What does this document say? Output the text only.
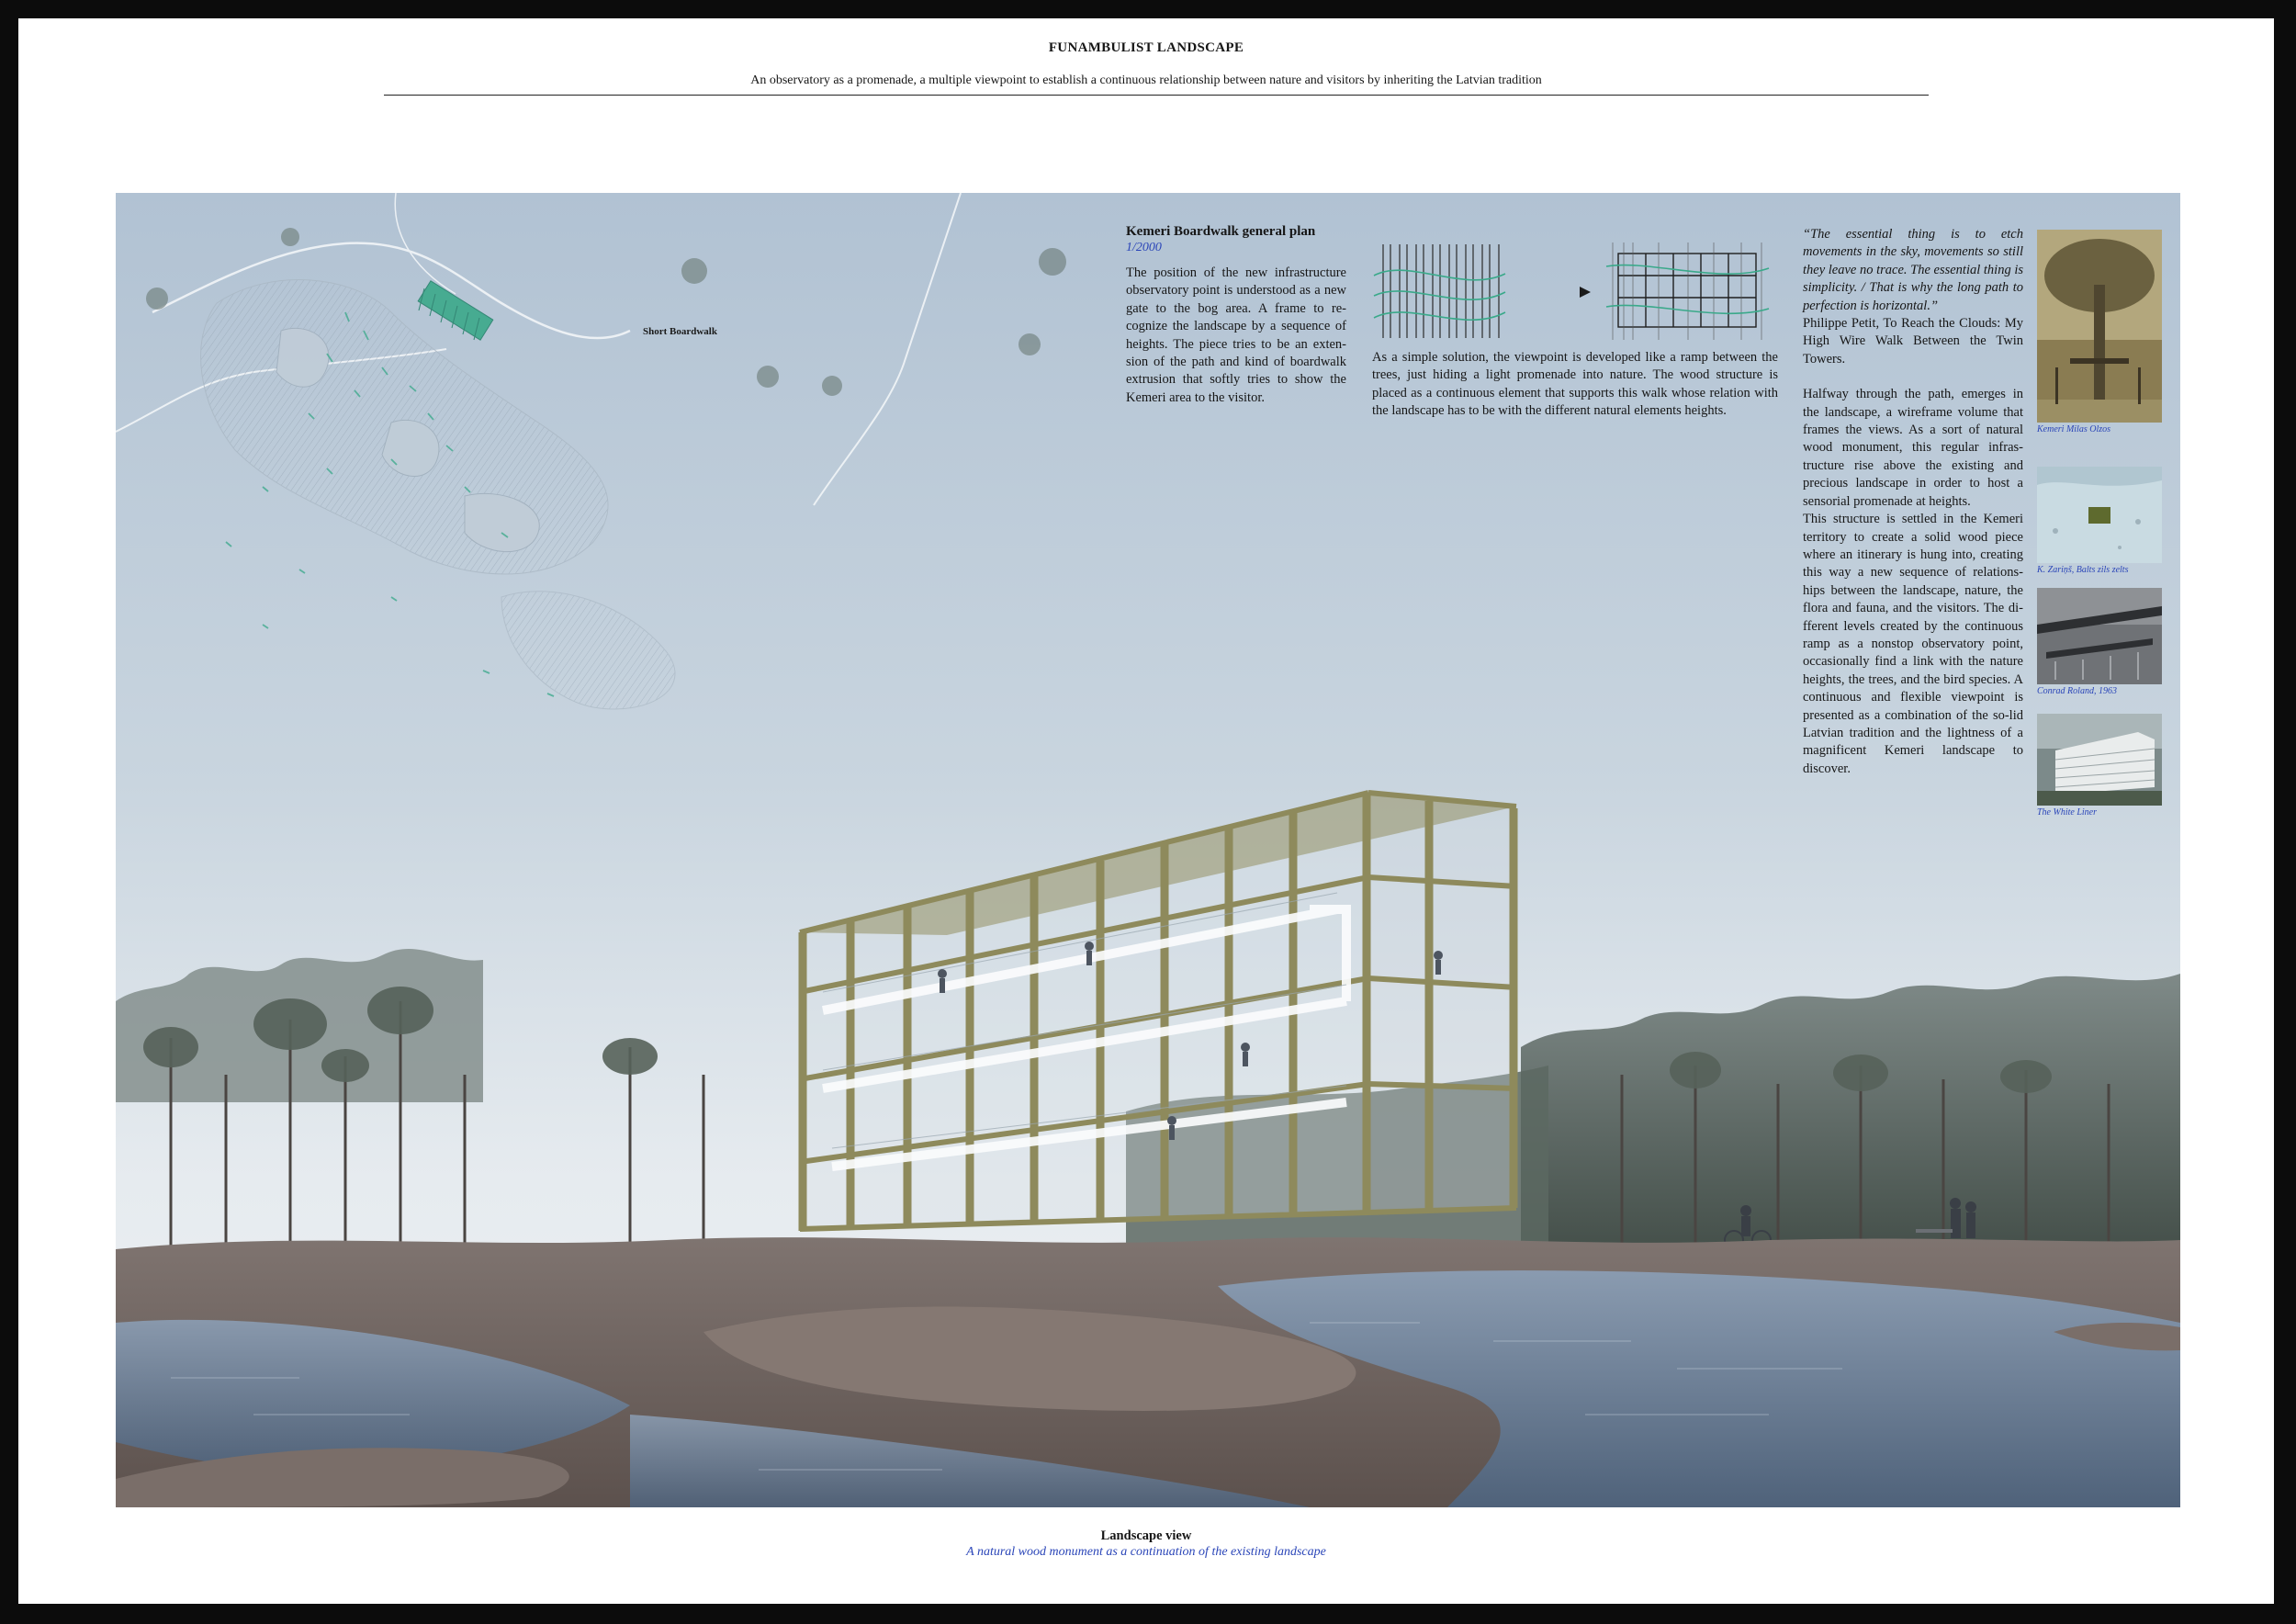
FUNAMBULIST LANDSCAPE
An observatory as a promenade, a multiple viewpoint to establish a continuous relationship between nature and visitors by inheriting the Latvian tradition
Short Boardwalk
Kemeri Boardwalk general plan
1/2000
The position of the new infrastructure observatory point is understood as a new gate to the bog area. A frame to re-cognize the landscape by a sequence of heights. The piece tries to be an exten-sion of the path and kind of boardwalk extrusion that softly tries to show the Kemeri area to the visitor.
As a simple solution, the viewpoint is developed like a ramp between the trees, just hiding a light promenade into nature. The wood structure is placed as a continuous element that supports this walk whose relation with the landscape has to be with the different natural elements heights.
“The essential thing is to etch movements in the sky, movements so still they leave no trace. The essential thing is simplicity. / That is why the long path to perfection is horizontal.”
Philippe Petit, To Reach the Clouds: My High Wire Walk Between the Twin Towers.
Halfway through the path, emerges in the landscape, a wireframe volume that frames the views. As a sort of natural wood monument, this regular infras-tructure rise above the existing and precious landscape in order to host a sensorial promenade at heights.
This structure is settled in the Kemeri territory to create a solid wood piece where an itinerary is hung into, creating this way a new sequence of relations-hips between the landscape, nature, the flora and fauna, and the visitors. The di-fferent levels created by the continuous ramp as a nonstop observatory point, occasionally find a link with the nature heights, the trees, and the bird species. A continuous and flexible viewpoint is presented as a combination of the so-lid Latvian tradition and the lightness of a magnificent Kemeri landscape to discover.
Kemeri Milas Olzos
K. Zariņš, Balts zils zelts
Conrad Roland, 1963
The White Liner
Landscape view
A natural wood monument as a continuation of the existing landscape
